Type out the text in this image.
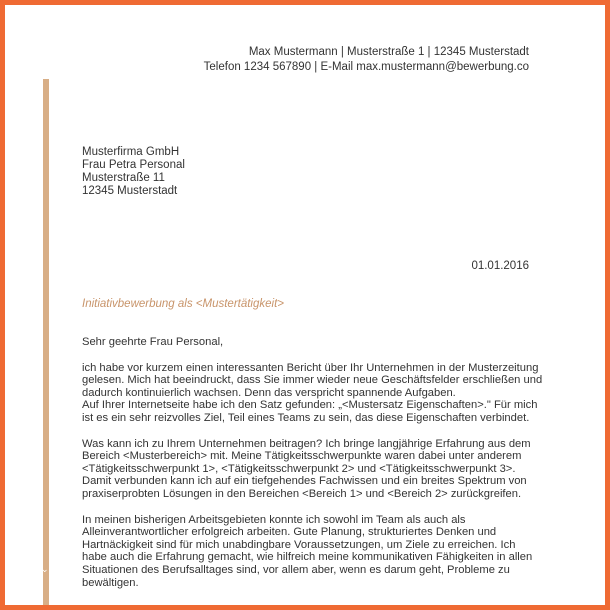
⌄
Max Mustermann | Musterstraße 1 | 12345 Musterstadt
Telefon 1234 567890 | E-Mail max.mustermann@bewerbung.co
Musterfirma GmbH
Frau Petra Personal
Musterstraße 11
12345 Musterstadt
01.01.2016
Initiativbewerbung als <Mustertätigkeit>

Sehr geehrte Frau Personal,

ich habe vor kurzem einen interessanten Bericht über Ihr Unternehmen in der Musterzeitung
gelesen. Mich hat beeindruckt, dass Sie immer wieder neue Geschäftsfelder erschließen und
dadurch kontinuierlich wachsen. Denn das verspricht spannende Aufgaben.
Auf Ihrer Internetseite habe ich den Satz gefunden: „<Mustersatz Eigenschaften>." Für mich
ist es ein sehr reizvolles Ziel, Teil eines Teams zu sein, das diese Eigenschaften verbindet.

Was kann ich zu Ihrem Unternehmen beitragen? Ich bringe langjährige Erfahrung aus dem
Bereich <Musterbereich> mit. Meine Tätigkeitsschwerpunkte waren dabei unter anderem
<Tätigkeitsschwerpunkt 1>, <Tätigkeitsschwerpunkt 2> und <Tätigkeitsschwerpunkt 3>.
Damit verbunden kann ich auf ein tiefgehendes Fachwissen und ein breites Spektrum von
praxiserprobten Lösungen in den Bereichen <Bereich 1> und <Bereich 2> zurückgreifen.

In meinen bisherigen Arbeitsgebieten konnte ich sowohl im Team als auch als
Alleinverantwortlicher erfolgreich arbeiten. Gute Planung, strukturiertes Denken und
Hartnäckigkeit sind für mich unabdingbare Voraussetzungen, um Ziele zu erreichen. Ich
habe auch die Erfahrung gemacht, wie hilfreich meine kommunikativen Fähigkeiten in allen
Situationen des Berufsalltages sind, vor allem aber, wenn es darum geht, Probleme zu
bewältigen.
